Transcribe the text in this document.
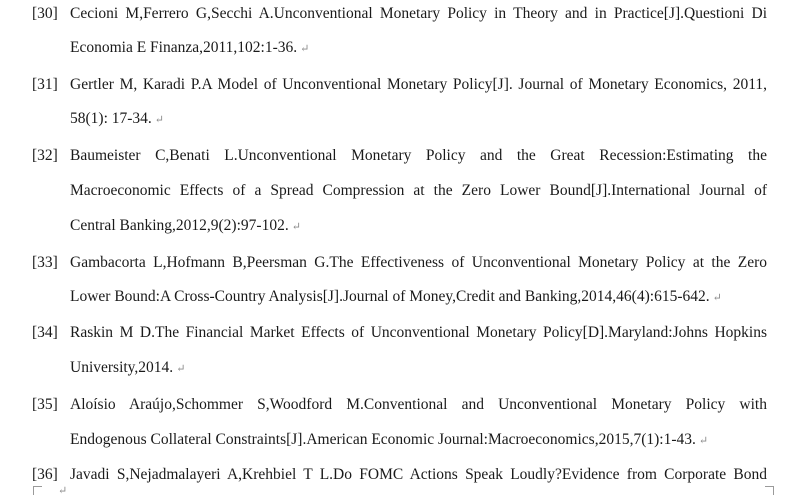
[30] Cecioni M,Ferrero G,Secchi A.Unconventional Monetary Policy in Theory and in Practice[J].Questioni Di
Economia E Finanza,2011,102:1-36. ↵
[31] Gertler M, Karadi P.A Model of Unconventional Monetary Policy[J]. Journal of Monetary Economics, 2011,
58(1): 17-34. ↵
[32] Baumeister C,Benati L.Unconventional Monetary Policy and the Great Recession:Estimating the
Macroeconomic Effects of a Spread Compression at the Zero Lower Bound[J].International Journal of
Central Banking,2012,9(2):97-102. ↵
[33] Gambacorta L,Hofmann B,Peersman G.The Effectiveness of Unconventional Monetary Policy at the Zero
Lower Bound:A Cross-Country Analysis[J].Journal of Money,Credit and Banking,2014,46(4):615-642. ↵
[34] Raskin M D.The Financial Market Effects of Unconventional Monetary Policy[D].Maryland:Johns Hopkins
University,2014. ↵
[35] Aloísio Araújo,Schommer S,Woodford M.Conventional and Unconventional Monetary Policy with
Endogenous Collateral Constraints[J].American Economic Journal:Macroeconomics,2015,7(1):1-43. ↵
[36] Javadi S,Nejadmalayeri A,Krehbiel T L.Do FOMC Actions Speak Loudly?Evidence from Corporate Bond
↵
